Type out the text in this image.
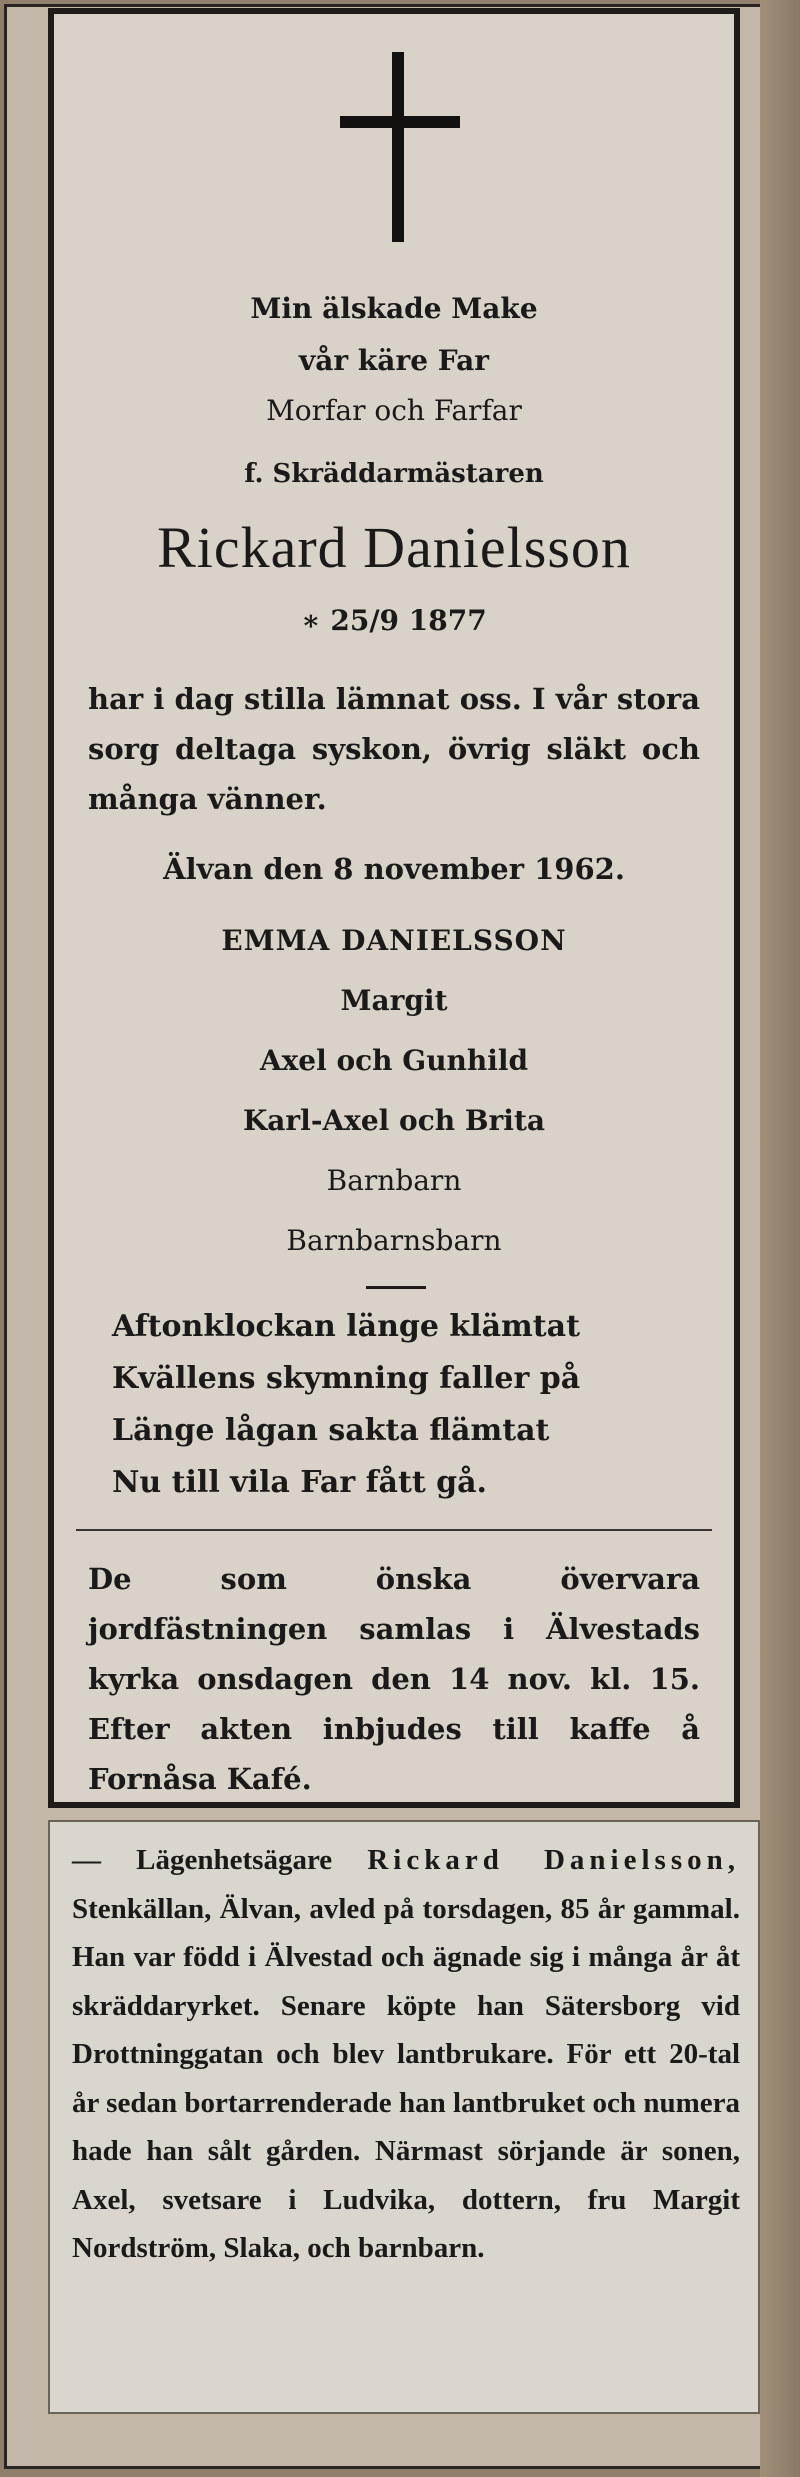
Min älskade Make
vår käre Far
Morfar och Farfar
f. Skräddarmästaren
Rickard Danielsson
∗ 25/9 1877
har i dag stilla lämnat oss. I vår stora sorg deltaga syskon, övrig släkt och många vänner.
Älvan den 8 november 1962.
EMMA DANIELSSON
Margit
Axel och Gunhild
Karl-Axel och Brita
Barnbarn
Barnbarnsbarn
Aftonklockan länge klämtat
Kvällens skymning faller på
Länge lågan sakta flämtat
Nu till vila Far fått gå.
De som önska övervara jordfästningen samlas i Älvestads kyrka onsdagen den 14 nov. kl. 15. Efter akten inbjudes till kaffe å Fornåsa Kafé.
— Lägenhetsägare Rickard Danielsson, Stenkällan, Älvan, avled på torsdagen, 85 år gammal. Han var född i Älvestad och ägnade sig i många år åt skräddaryrket. Senare köpte han Sätersborg vid Drottninggatan och blev lantbrukare. För ett 20-tal år sedan bortarrenderade han lantbruket och numera hade han sålt gården. Närmast sörjande är sonen, Axel, svetsare i Ludvika, dottern, fru Margit Nordström, Slaka, och barnbarn.
